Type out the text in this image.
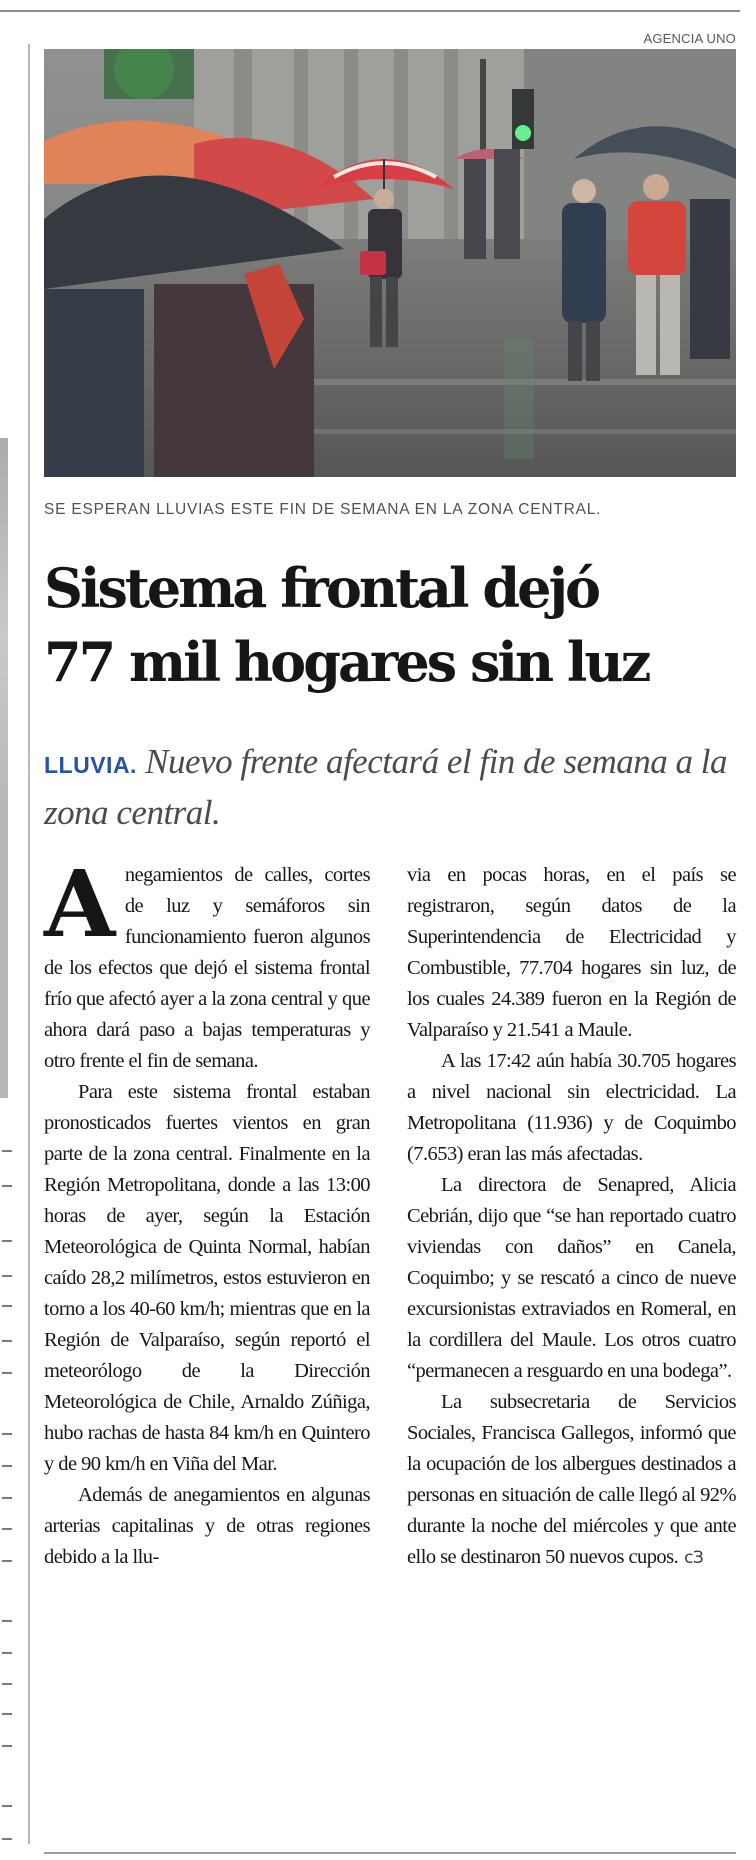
AGENCIA UNO
SE ESPERAN LLUVIAS ESTE FIN DE SEMANA EN LA ZONA CENTRAL.
Sistema frontal dejó
77 mil hogares sin luz
LLUVIA. Nuevo frente afectará el fin de semana a la zona central.

Anegamientos de calles, cortes de luz y semáforos sin funcionamiento fueron algunos de los efectos que dejó el sistema frontal frío que afectó ayer a la zona central y que ahora dará paso a bajas temperaturas y otro frente el fin de semana.

Para este sistema frontal estaban pronosticados fuertes vientos en gran parte de la zona central. Finalmente en la Región Metropolitana, donde a las 13:00 horas de ayer, según la Estación Meteorológica de Quinta Normal, habían caído 28,2 milímetros, estos estuvieron en torno a los 40-60 km/h; mientras que en la Región de Valparaíso, según reportó el meteorólogo de la Dirección Meteorológica de Chile, Arnaldo Zúñiga, hubo rachas de hasta 84 km/h en Quintero y de 90 km/h en Viña del Mar.

Además de anegamientos en algunas arterias capitalinas y de otras regiones debido a la llu-

via en pocas horas, en el país se registraron, según datos de la Superintendencia de Electricidad y Combustible, 77.704 hogares sin luz, de los cuales 24.389 fueron en la Región de Valparaíso y 21.541 a Maule.

A las 17:42 aún había 30.705 hogares a nivel nacional sin electricidad. La Metropolitana (11.936) y de Coquimbo (7.653) eran las más afectadas.

La directora de Senapred, Alicia Cebrián, dijo que “se han reportado cuatro viviendas con daños” en Canela, Coquimbo; y se rescató a cinco de nueve excursionistas extraviados en Romeral, en la cordillera del Maule. Los otros cuatro “permanecen a resguardo en una bodega”.

La subsecretaria de Servicios Sociales, Francisca Gallegos, informó que la ocupación de los albergues destinados a personas en situación de calle llegó al 92% durante la noche del miércoles y que ante ello se destinaron 50 nuevos cupos. cЗ
